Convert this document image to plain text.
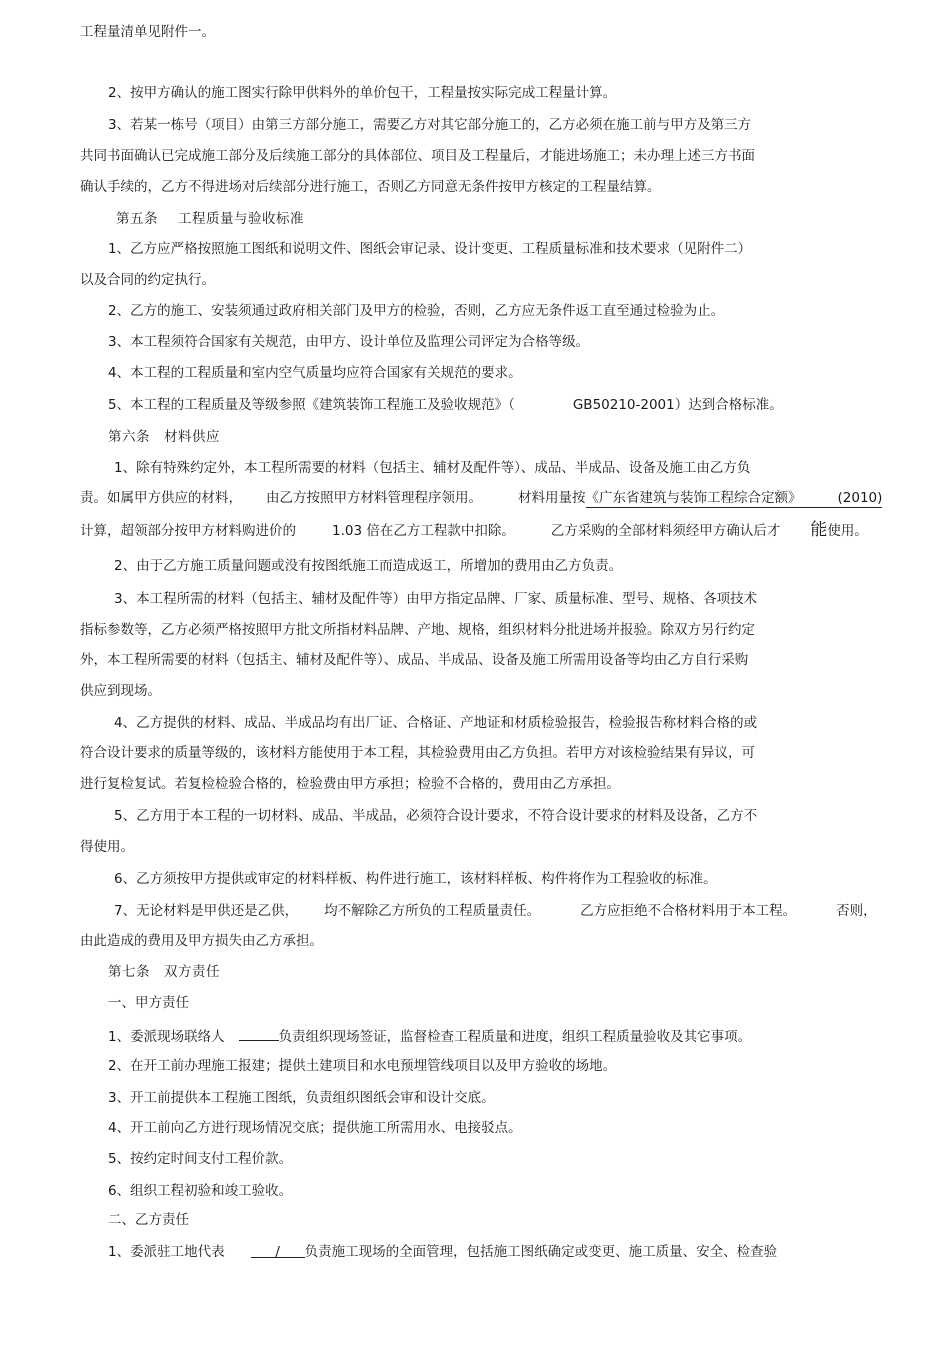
工程量清单见附件一。
2、按甲方确认的施工图实行除甲供料外的单价包干，工程量按实际完成工程量计算。
3、若某一栋号（项目）由第三方部分施工，需要乙方对其它部分施工的，乙方必须在施工前与甲方及第三方
共同书面确认已完成施工部分及后续施工部分的具体部位、项目及工程量后，才能进场施工；未办理上述三方书面
确认手续的，乙方不得进场对后续部分进行施工，否则乙方同意无条件按甲方核定的工程量结算。
第五条 工程质量与验收标准
1、乙方应严格按照施工图纸和说明文件、图纸会审记录、设计变更、工程质量标准和技术要求（见附件二）
以及合同的约定执行。
2、乙方的施工、安装须通过政府相关部门及甲方的检验，否则，乙方应无条件返工直至通过检验为止。
3、本工程须符合国家有关规范，由甲方、设计单位及监理公司评定为合格等级。
4、本工程的工程质量和室内空气质量均应符合国家有关规范的要求。
5、本工程的工程质量及等级参照《建筑装饰工程施工及验收规范》（	GB50210-2001）达到合格标准。
第六条 材料供应
1、除有特殊约定外，本工程所需要的材料（包括主、辅材及配件等）、成品、半成品、设备及施工由乙方负
责。如属甲方供应的材料， 由乙方按照甲方材料管理程序领用。	材料用量按《广东省建筑与装饰工程综合定额》	(2010)
计算，超领部分按甲方材料购进价的	1.03 倍在乙方工程款中扣除。	乙方采购的全部材料须经甲方确认后才 能使用。
2、由于乙方施工质量问题或没有按图纸施工而造成返工，所增加的费用由乙方负责。
3、本工程所需的材料（包括主、辅材及配件等）由甲方指定品牌、厂家、质量标准、型号、规格、各项技术
指标参数等，乙方必须严格按照甲方批文所指材料品牌、产地、规格，组织材料分批进场并报验。除双方另行约定
外，本工程所需要的材料（包括主、辅材及配件等）、成品、半成品、设备及施工所需用设备等均由乙方自行采购
供应到现场。
4、乙方提供的材料、成品、半成品均有出厂证、合格证、产地证和材质检验报告，检验报告称材料合格的或
符合设计要求的质量等级的，该材料方能使用于本工程，其检验费用由乙方负担。若甲方对该检验结果有异议，可
进行复检复试。若复检检验合格的，检验费由甲方承担；检验不合格的，费用由乙方承担。
5、乙方用于本工程的一切材料、成品、半成品，必须符合设计要求，不符合设计要求的材料及设备，乙方不
得使用。
6、乙方须按甲方提供或审定的材料样板、构件进行施工，该材料样板、构件将作为工程验收的标准。
7、无论材料是甲供还是乙供， 均不解除乙方所负的工程质量责任。	乙方应拒绝不合格材料用于本工程。	否则，
由此造成的费用及甲方损失由乙方承担。
第七条 双方责任
一、甲方责任
1、委派现场联络人	负责组织现场签证，监督检查工程质量和进度，组织工程质量验收及其它事项。
2、在开工前办理施工报建；提供土建项目和水电预埋管线项目以及甲方验收的场地。
3、开工前提供本工程施工图纸，负责组织图纸会审和设计交底。
4、开工前向乙方进行现场情况交底；提供施工所需用水、电接驳点。
5、按约定时间支付工程价款。
6、组织工程初验和竣工验收。
二、乙方责任
1、委派驻工地代表	/ 负责施工现场的全面管理，包括施工图纸确定或变更、施工质量、安全、检查验
